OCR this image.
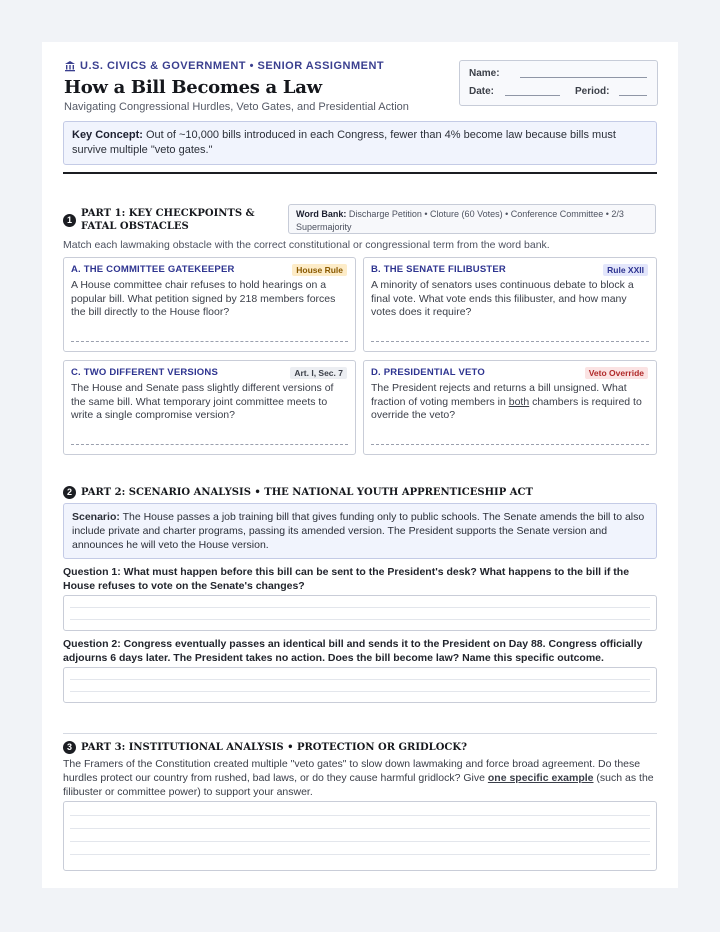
U.S. CIVICS & GOVERNMENT • SENIOR ASSIGNMENT
How a Bill Becomes a Law
Navigating Congressional Hurdles, Veto Gates, and Presidential Action
Name:
Date:	Period:
Key Concept: Out of ~10,000 bills introduced in each Congress, fewer than 4% become law because bills must survive multiple "veto gates."
1
PART 1: KEY CHECKPOINTS & FATAL OBSTACLES
Word Bank: Discharge Petition • Cloture (60 Votes) • Conference Committee • 2/3 Supermajority
Match each lawmaking obstacle with the correct constitutional or congressional term from the word bank.
A. THE COMMITTEE GATEKEEPER	House Rule
A House committee chair refuses to hold hearings on a popular bill. What petition signed by 218 members forces the bill directly to the House floor?
B. THE SENATE FILIBUSTER	Rule XXII
A minority of senators uses continuous debate to block a final vote. What vote ends this filibuster, and how many votes does it require?
C. TWO DIFFERENT VERSIONS	Art. I, Sec. 7
The House and Senate pass slightly different versions of the same bill. What temporary joint committee meets to write a single compromise version?
D. PRESIDENTIAL VETO	Veto Override
The President rejects and returns a bill unsigned. What fraction of voting members in both chambers is required to override the veto?
2 PART 2: SCENARIO ANALYSIS • THE NATIONAL YOUTH APPRENTICESHIP ACT
Scenario: The House passes a job training bill that gives funding only to public schools. The Senate amends the bill to also include private and charter programs, passing its amended version. The President supports the Senate version and announces he will veto the House version.
Question 1: What must happen before this bill can be sent to the President's desk? What happens to the bill if the House refuses to vote on the Senate's changes?
Question 2: Congress eventually passes an identical bill and sends it to the President on Day 88. Congress officially adjourns 6 days later. The President takes no action. Does the bill become law? Name this specific outcome.
3 PART 3: INSTITUTIONAL ANALYSIS • PROTECTION OR GRIDLOCK?
The Framers of the Constitution created multiple "veto gates" to slow down lawmaking and force broad agreement. Do these hurdles protect our country from rushed, bad laws, or do they cause harmful gridlock? Give one specific example (such as the filibuster or committee power) to support your answer.
